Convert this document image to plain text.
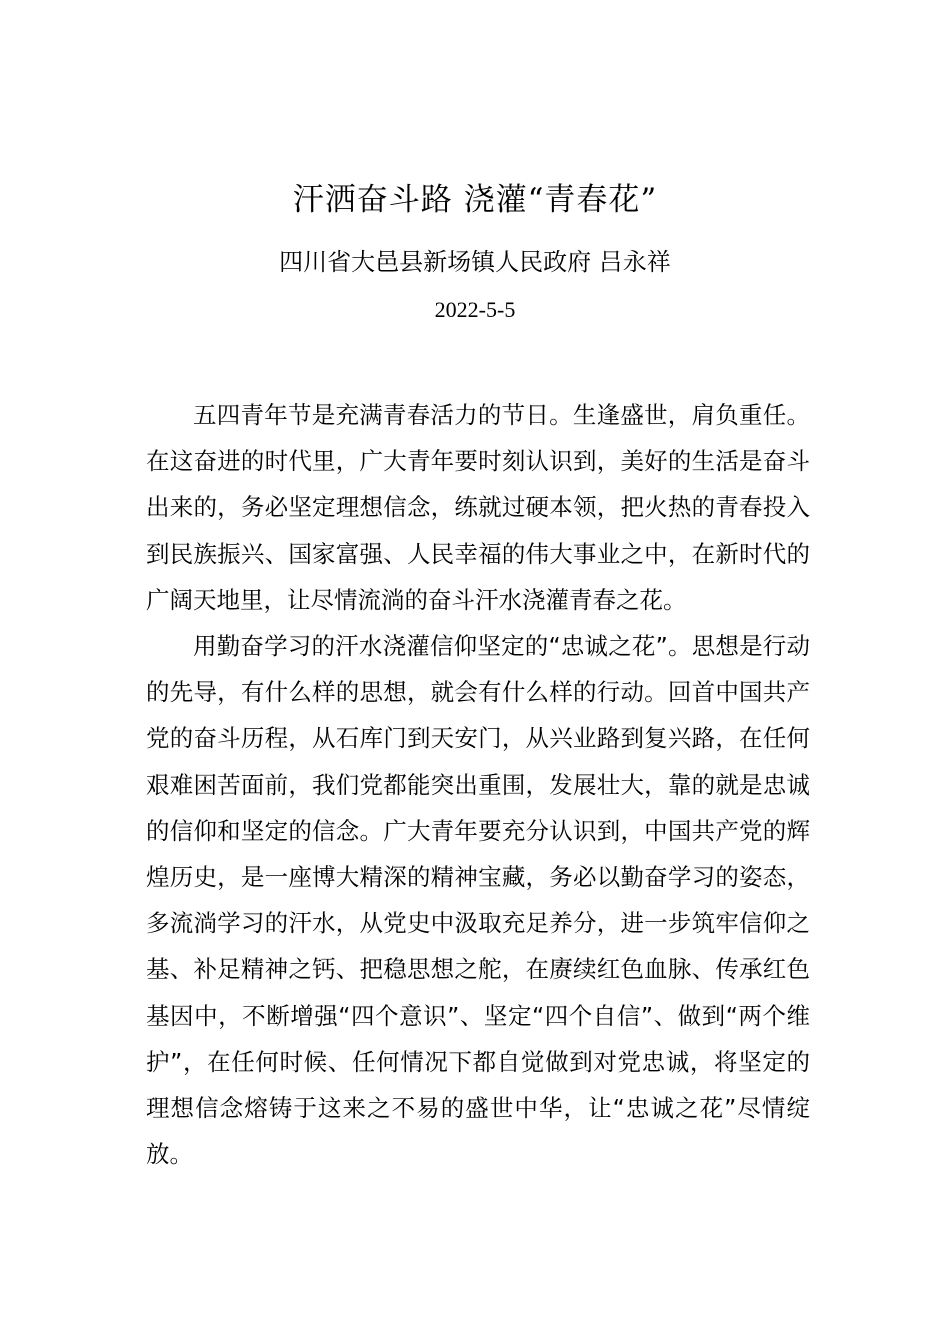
汗洒奋斗路 浇灌“青春花”
四川省大邑县新场镇人民政府 吕永祥
2022-5-5

五四青年节是充满青春活力的节日。生逢盛世，肩负重任。在这奋进的时代里，广大青年要时刻认识到，美好的生活是奋斗出来的，务必坚定理想信念，练就过硬本领，把火热的青春投入到民族振兴、国家富强、人民幸福的伟大事业之中，在新时代的广阔天地里，让尽情流淌的奋斗汗水浇灌青春之花。

用勤奋学习的汗水浇灌信仰坚定的“忠诚之花”。思想是行动的先导，有什么样的思想，就会有什么样的行动。回首中国共产党的奋斗历程，从石库门到天安门，从兴业路到复兴路，在任何艰难困苦面前，我们党都能突出重围，发展壮大，靠的就是忠诚的信仰和坚定的信念。广大青年要充分认识到，中国共产党的辉煌历史，是一座博大精深的精神宝藏，务必以勤奋学习的姿态，多流淌学习的汗水，从党史中汲取充足养分，进一步筑牢信仰之基、补足精神之钙、把稳思想之舵，在赓续红色血脉、传承红色基因中，不断增强“四个意识”、坚定“四个自信”、做到“两个维护”，在任何时候、任何情况下都自觉做到对党忠诚，将坚定的理想信念熔铸于这来之不易的盛世中华，让“忠诚之花”尽情绽放。
